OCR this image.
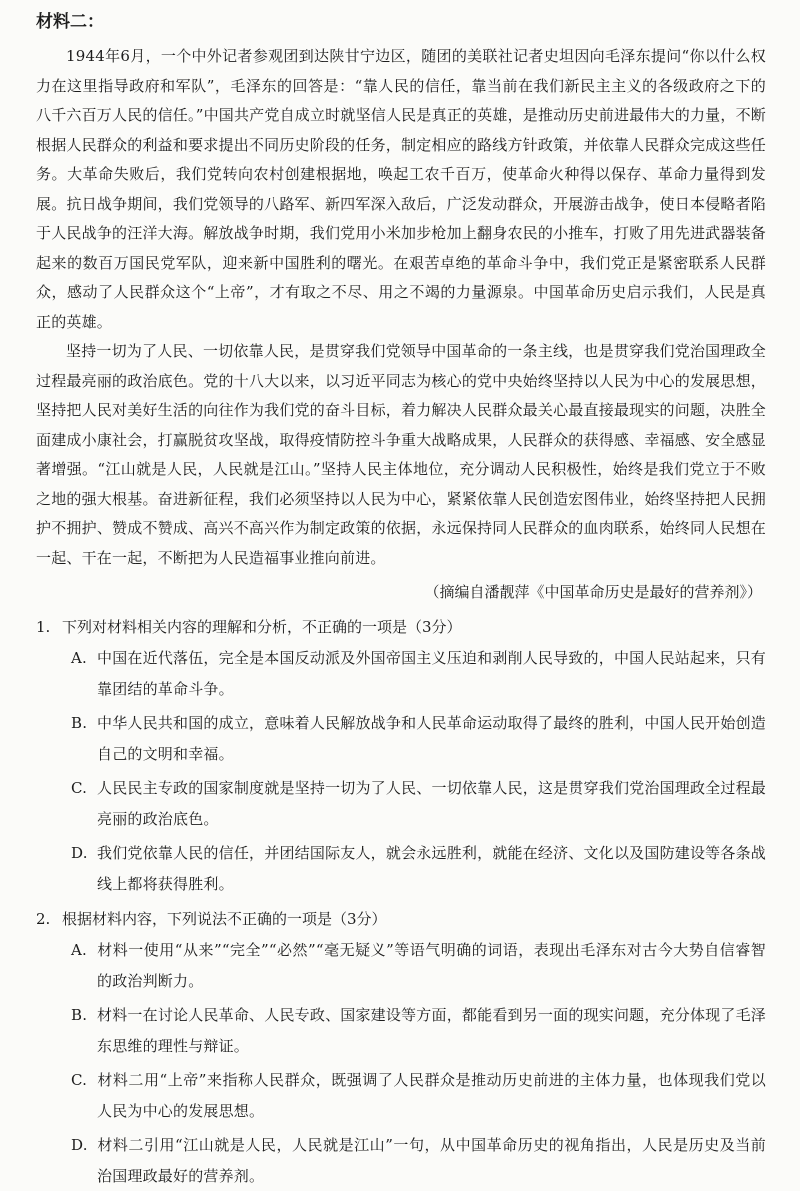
材料二：

1944年6月，一个中外记者参观团到达陕甘宁边区，随团的美联社记者史坦因向毛泽东提问“你以什么权力在这里指导政府和军队”，毛泽东的回答是：“靠人民的信任，靠当前在我们新民主主义的各级政府之下的八千六百万人民的信任。”中国共产党自成立时就坚信人民是真正的英雄，是推动历史前进最伟大的力量，不断根据人民群众的利益和要求提出不同历史阶段的任务，制定相应的路线方针政策，并依靠人民群众完成这些任务。大革命失败后，我们党转向农村创建根据地，唤起工农千百万，使革命火种得以保存、革命力量得到发展。抗日战争期间，我们党领导的八路军、新四军深入敌后，广泛发动群众，开展游击战争，使日本侵略者陷于人民战争的汪洋大海。解放战争时期，我们党用小米加步枪加上翻身农民的小推车，打败了用先进武器装备起来的数百万国民党军队，迎来新中国胜利的曙光。在艰苦卓绝的革命斗争中，我们党正是紧密联系人民群众，感动了人民群众这个“上帝”，才有取之不尽、用之不竭的力量源泉。中国革命历史启示我们，人民是真正的英雄。

坚持一切为了人民、一切依靠人民，是贯穿我们党领导中国革命的一条主线，也是贯穿我们党治国理政全过程最亮丽的政治底色。党的十八大以来，以习近平同志为核心的党中央始终坚持以人民为中心的发展思想，坚持把人民对美好生活的向往作为我们党的奋斗目标，着力解决人民群众最关心最直接最现实的问题，决胜全面建成小康社会，打赢脱贫攻坚战，取得疫情防控斗争重大战略成果，人民群众的获得感、幸福感、安全感显著增强。“江山就是人民，人民就是江山。”坚持人民主体地位，充分调动人民积极性，始终是我们党立于不败之地的强大根基。奋进新征程，我们必须坚持以人民为中心，紧紧依靠人民创造宏图伟业，始终坚持把人民拥护不拥护、赞成不赞成、高兴不高兴作为制定政策的依据，永远保持同人民群众的血肉联系，始终同人民想在一起、干在一起，不断把为人民造福事业推向前进。

（摘编自潘靓萍《中国革命历史是最好的营养剂》）
1. 下列对材料相关内容的理解和分析，不正确的一项是（3分）
A. 中国在近代落伍，完全是本国反动派及外国帝国主义压迫和剥削人民导致的，中国人民站起来，只有靠团结的革命斗争。
B. 中华人民共和国的成立，意味着人民解放战争和人民革命运动取得了最终的胜利，中国人民开始创造自己的文明和幸福。
C. 人民民主专政的国家制度就是坚持一切为了人民、一切依靠人民，这是贯穿我们党治国理政全过程最亮丽的政治底色。
D. 我们党依靠人民的信任，并团结国际友人，就会永远胜利，就能在经济、文化以及国防建设等各条战线上都将获得胜利。
2. 根据材料内容，下列说法不正确的一项是（3分）
A. 材料一使用“从来”“完全”“必然”“毫无疑义”等语气明确的词语，表现出毛泽东对古今大势自信睿智的政治判断力。
B. 材料一在讨论人民革命、人民专政、国家建设等方面，都能看到另一面的现实问题，充分体现了毛泽东思维的理性与辩证。
C. 材料二用“上帝”来指称人民群众，既强调了人民群众是推动历史前进的主体力量，也体现我们党以人民为中心的发展思想。
D. 材料二引用“江山就是人民，人民就是江山”一句，从中国革命历史的视角指出，人民是历史及当前治国理政最好的营养剂。
